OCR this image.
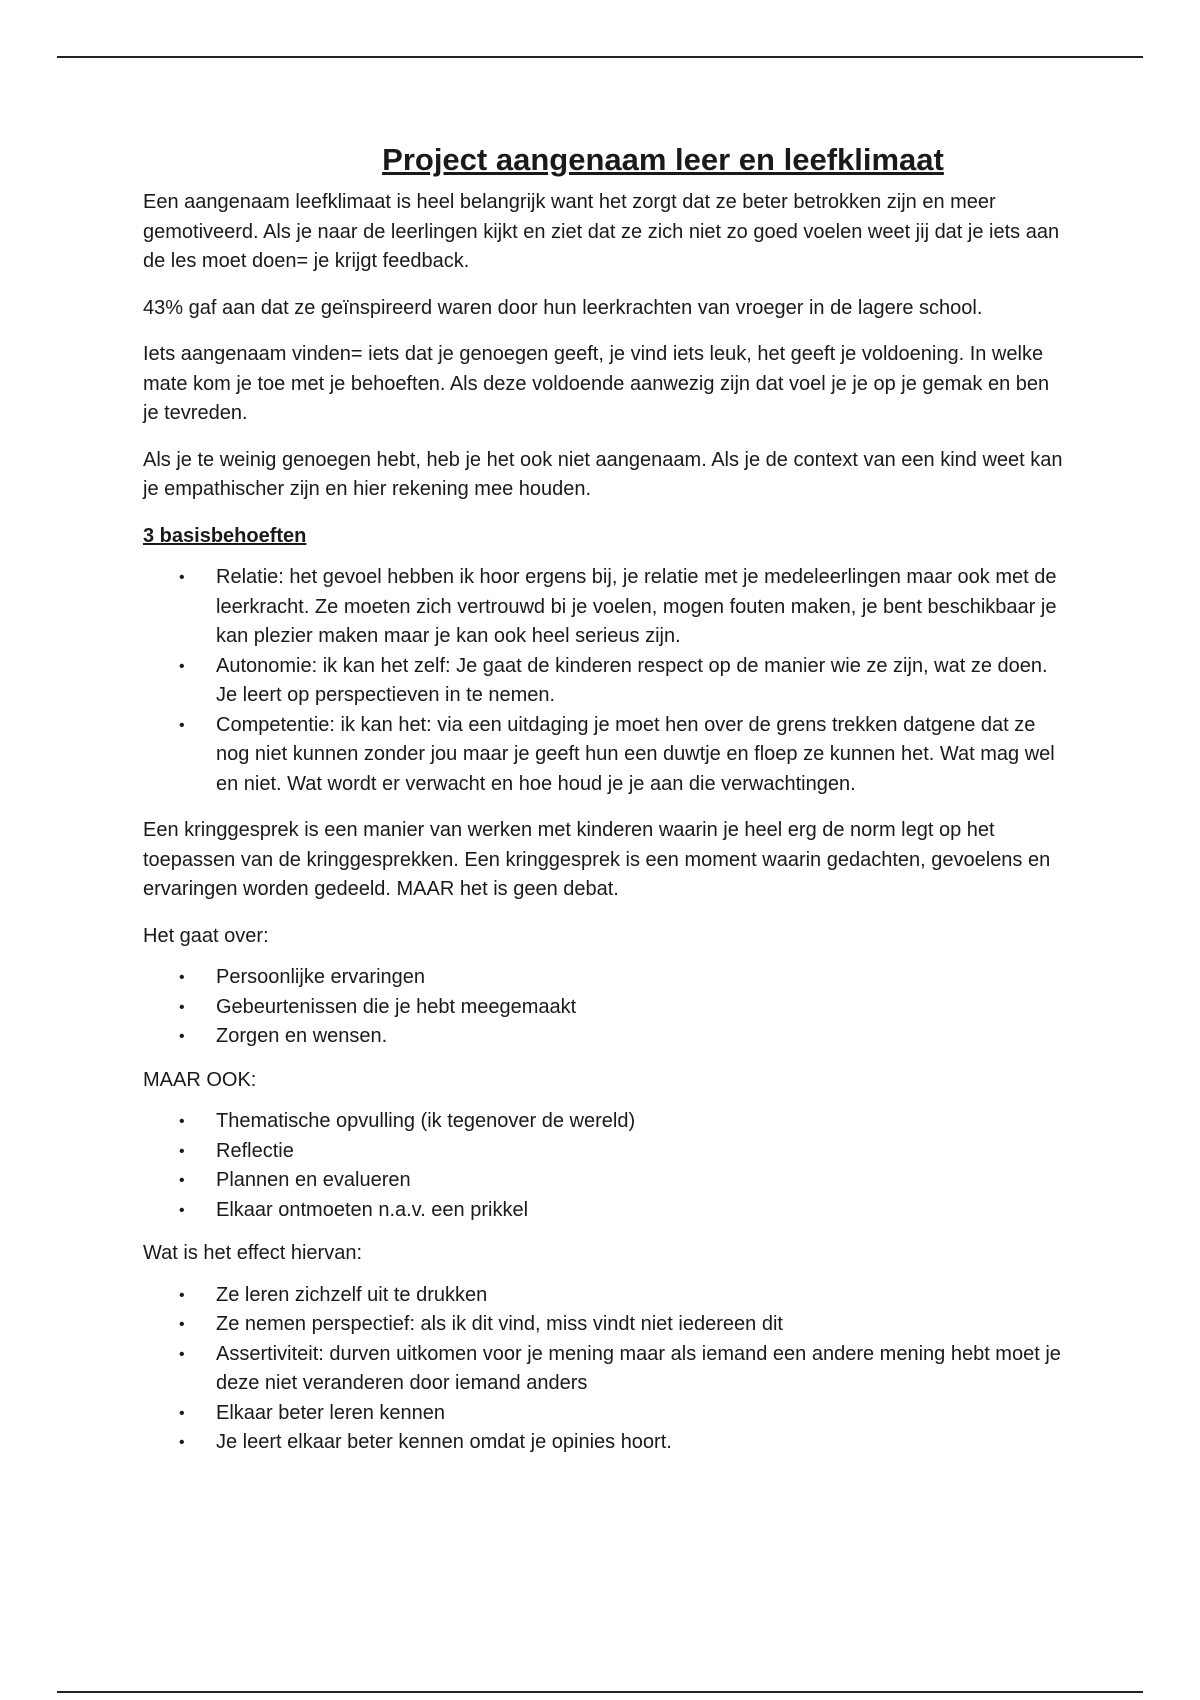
Project aangenaam leer en leefklimaat

Een aangenaam leefklimaat is heel belangrijk want het zorgt dat ze beter betrokken zijn en meer gemotiveerd. Als je naar de leerlingen kijkt en ziet dat ze zich niet zo goed voelen weet jij dat je iets aan de les moet doen= je krijgt feedback.

43% gaf aan dat ze geïnspireerd waren door hun leerkrachten van vroeger in de lagere school.

Iets aangenaam vinden= iets dat je genoegen geeft, je vind iets leuk, het geeft je voldoening. In welke mate kom je toe met je behoeften. Als deze voldoende aanwezig zijn dat voel je je op je gemak en ben je tevreden.

Als je te weinig genoegen hebt, heb je het ook niet aangenaam. Als je de context van een kind weet kan je empathischer zijn en hier rekening mee houden.

3 basisbehoeften
• Relatie: het gevoel hebben ik hoor ergens bij, je relatie met je medeleerlingen maar ook met de leerkracht. Ze moeten zich vertrouwd bi je voelen, mogen fouten maken, je bent beschikbaar je kan plezier maken maar je kan ook heel serieus zijn.
• Autonomie: ik kan het zelf: Je gaat de kinderen respect op de manier wie ze zijn, wat ze doen. Je leert op perspectieven in te nemen.
• Competentie: ik kan het: via een uitdaging je moet hen over de grens trekken datgene dat ze nog niet kunnen zonder jou maar je geeft hun een duwtje en floep ze kunnen het. Wat mag wel en niet. Wat wordt er verwacht en hoe houd je je aan die verwachtingen.

Een kringgesprek is een manier van werken met kinderen waarin je heel erg de norm legt op het toepassen van de kringgesprekken. Een kringgesprek is een moment waarin gedachten, gevoelens en ervaringen worden gedeeld. MAAR het is geen debat.

Het gaat over:

• Persoonlijke ervaringen
• Gebeurtenissen die je hebt meegemaakt
• Zorgen en wensen.

MAAR OOK:

• Thematische opvulling (ik tegenover de wereld)
• Reflectie
• Plannen en evalueren
• Elkaar ontmoeten n.a.v. een prikkel

Wat is het effect hiervan:

• Ze leren zichzelf uit te drukken
• Ze nemen perspectief: als ik dit vind, miss vindt niet iedereen dit
• Assertiviteit: durven uitkomen voor je mening maar als iemand een andere mening hebt moet je deze niet veranderen door iemand anders
• Elkaar beter leren kennen
• Je leert elkaar beter kennen omdat je opinies hoort.
